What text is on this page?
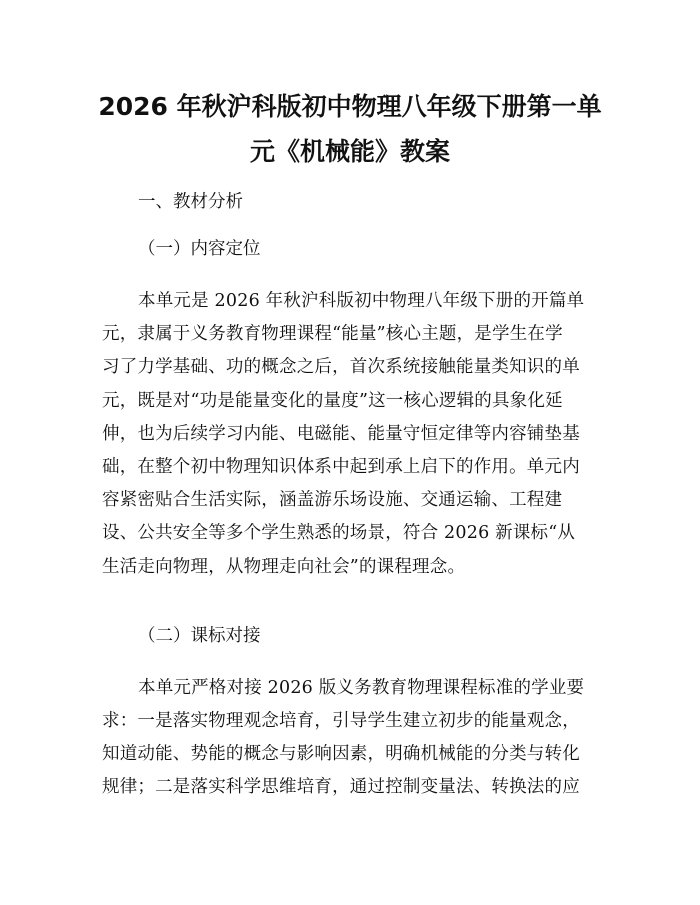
2026 年秋沪科版初中物理八年级下册第一单
元《机械能》教案

一、教材分析

（一）内容定位

本单元是 2026 年秋沪科版初中物理八年级下册的开篇单

元，隶属于义务教育物理课程“能量”核心主题，是学生在学

习了力学基础、功的概念之后，首次系统接触能量类知识的单

元，既是对“功是能量变化的量度”这一核心逻辑的具象化延

伸，也为后续学习内能、电磁能、能量守恒定律等内容铺垫基

础，在整个初中物理知识体系中起到承上启下的作用。单元内

容紧密贴合生活实际，涵盖游乐场设施、交通运输、工程建

设、公共安全等多个学生熟悉的场景，符合 2026 新课标“从

生活走向物理，从物理走向社会”的课程理念。

（二）课标对接

本单元严格对接 2026 版义务教育物理课程标准的学业要

求：一是落实物理观念培育，引导学生建立初步的能量观念，

知道动能、势能的概念与影响因素，明确机械能的分类与转化

规律；二是落实科学思维培育，通过控制变量法、转换法的应
